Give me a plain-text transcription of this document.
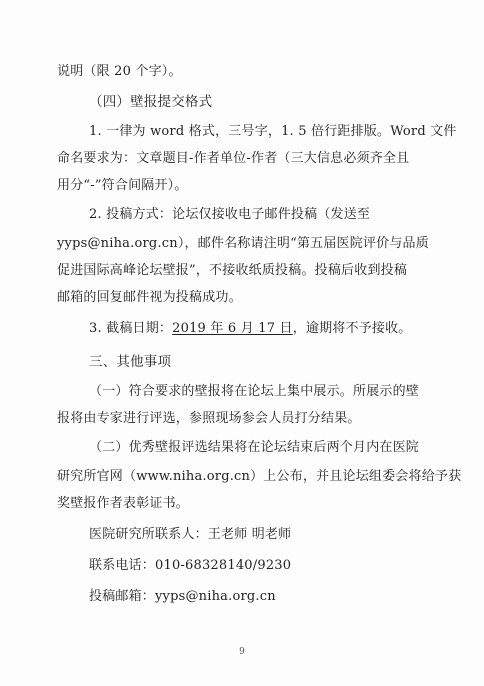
说明（限 20 个字）。
（四）壁报提交格式
1. 一律为 word 格式，三号字，1. 5 倍行距排版。Word 文件
命名要求为：文章题目-作者单位-作者（三大信息必须齐全且
用分“-”符合间隔开）。
2. 投稿方式：论坛仅接收电子邮件投稿（发送至
yyps@niha.org.cn），邮件名称请注明“第五届医院评价与品质
促进国际高峰论坛壁报”，不接收纸质投稿。投稿后收到投稿
邮箱的回复邮件视为投稿成功。
3. 截稿日期：2019 年 6 月 17 日，逾期将不予接收。
三、其他事项
（一）符合要求的壁报将在论坛上集中展示。所展示的壁
报将由专家进行评选，参照现场参会人员打分结果。
（二）优秀壁报评选结果将在论坛结束后两个月内在医院
研究所官网（www.niha.org.cn）上公布，并且论坛组委会将给予获
奖壁报作者表彰证书。
医院研究所联系人：王老师 明老师
联系电话：010-68328140/9230
投稿邮箱：yyps@niha.org.cn
9
